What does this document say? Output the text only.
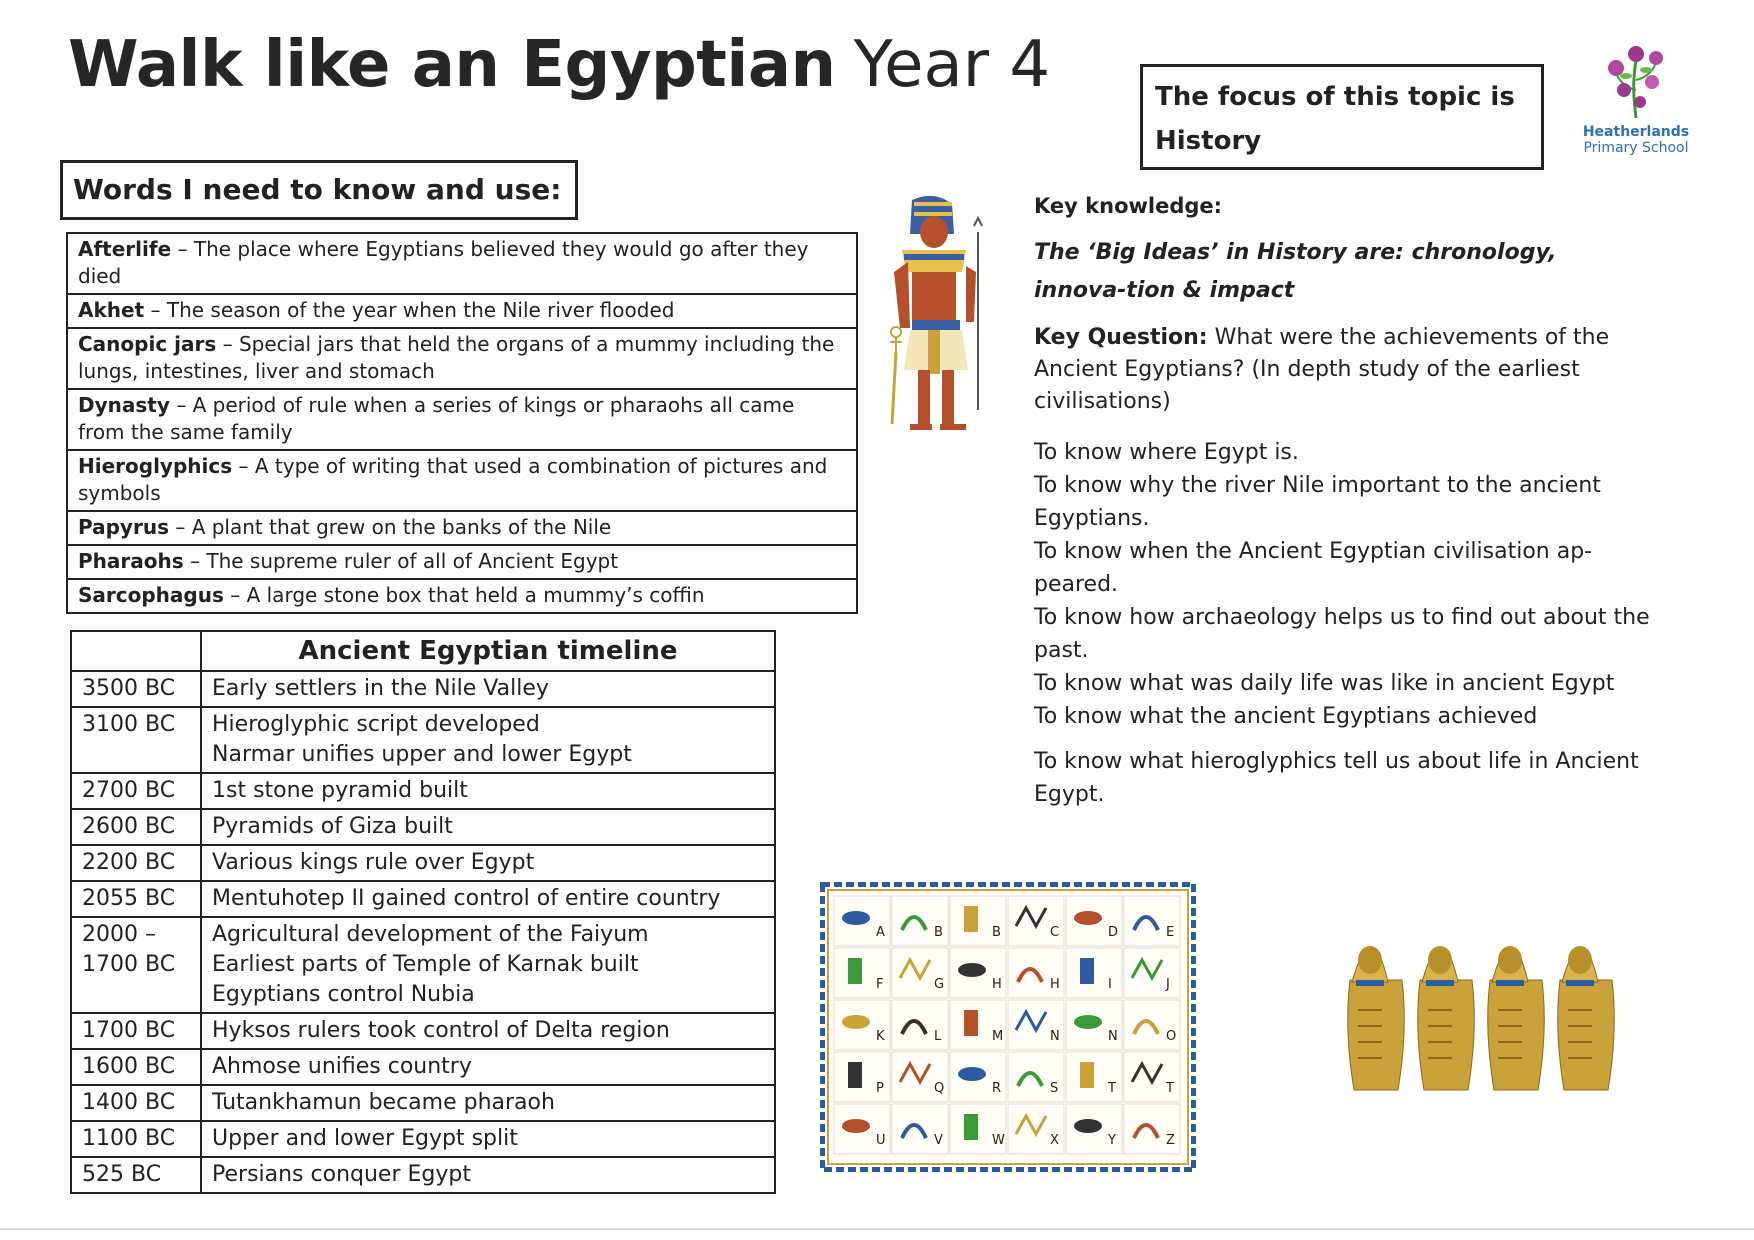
Walk like an Egyptian Year 4	The focus of this topic is
History	Heatherlands
Primary School
Words I need to know and use:
Afterlife – The place where Egyptians believed they would go after they died
Akhet – The season of the year when the Nile river flooded
Canopic jars – Special jars that held the organs of a mummy including the lungs, intestines, liver and stomach
Dynasty – A period of rule when a series of kings or pharaohs all came from the same family
Hieroglyphics – A type of writing that used a combination of pictures and symbols
Papyrus – A plant that grew on the banks of the Nile
Pharaohs – The supreme ruler of all of Ancient Egypt
Sarcophagus – A large stone box that held a mummy’s coffin
	Ancient Egyptian timeline
3500 BC	Early settlers in the Nile Valley
3100 BC	Hieroglyphic script developed
Narmar unifies upper and lower Egypt
2700 BC	1st stone pyramid built
2600 BC	Pyramids of Giza built
2200 BC	Various kings rule over Egypt
2055 BC	Mentuhotep II gained control of entire country
2000 –
1700 BC	Agricultural development of the Faiyum
Earliest parts of Temple of Karnak built
Egyptians control Nubia
1700 BC	Hyksos rulers took control of Delta region
1600 BC	Ahmose unifies country
1400 BC	Tutankhamun became pharaoh
1100 BC	Upper and lower Egypt split
525 BC	Persians conquer Egypt
Key knowledge:
The ‘Big Ideas’ in History are: chronology, innova-tion & impact
Key Question: What were the achievements of the Ancient Egyptians? (In depth study of the earliest civilisations)

To know where Egypt is.

To know why the river Nile important to the ancient Egyptians.

To know when the Ancient Egyptian civilisation ap-peared.

To know how archaeology helps us to find out about the past.

To know what was daily life was like in ancient Egypt

To know what the ancient Egyptians achieved

To know what hieroglyphics tell us about life in Ancient Egypt.

A	B	B	C	D	E
F	G	H	H	I	J
K	L	M	N	N	O
P	Q	R	S	T	T
U	V	W	X	Y	Z
